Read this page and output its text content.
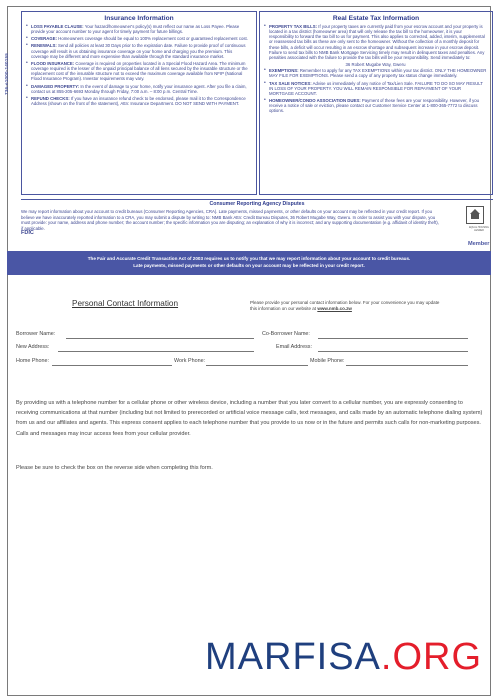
736-e1000-140155
Insurance Information
• LOSS PAYABLE CLAUSE: Your hazard/homeowner's policy(s) must reflect our name as Loss Payee. Please provide your account number to your agent for timely payment for future billings.
• COVERAGE: Homeowners coverage should be equal to 100% replacement cost or guaranteed replacement cost.
• RENEWALS: Send all policies at least 30 Days prior to the expiration date. Failure to provide proof of continuous coverage will result in us obtaining insurance coverage on your home and charging you the premium. This coverage may be different and more expensive than available through the standard insurance market.
• FLOOD INSURANCE: Coverage is required on properties located in a Special Flood Hazard Area. The minimum coverage required is the lesser of the unpaid principal balance of all liens secured by the insurable structure or the replacement cost of the insurable structure not to exceed the maximum coverage available from NFIP (National Flood Insurance Program). Investor requirements may vary.
• DAMAGED PROPERTY: In the event of damage to your home, notify your insurance agent. After you file a claim, contact us at 855-205-6693 Monday through Friday, 7:00 a.m. – 8:00 p.m. Central Time.
• REFUND CHECKS: If you have an insurance refund check to be endorsed, please mail it to the Correspondence Address (shown on the front of the statement), Attn: Insurance Department. DO NOT SEND WITH PAYMENT.
Real Estate Tax Information
• PROPERTY TAX BILLS: If your property taxes are currently paid from your escrow account and your property is located in a tax district (homeowner area) that will only release the tax bill to the homeowner, it is your responsibility to forward the tax bill to us for payment. This also applies to corrected, added, interim, supplemental or reassessed tax bills as these are only sent to the homeowner. Without the collection of a monthly deposit for these bills, a deficit will occur resulting in an escrow shortage and subsequent increase in your escrow deposit. Failure to send tax bills to NMB Bank Mortgage Servicing timely may result in delinquent taxes and penalties. Any penalties associated with the failure to provide the tax bills will be your responsibility. Send immediately to:
36 Robert Mugabe Way, Gweru
• EXEMPTIONS: Remember to apply for any TAX EXEMPTIONS within your tax district. ONLY THE HOMEOWNER MAY FILE FOR EXEMPTIONS. Please send a copy of any property tax status change immediately.
• TAX SALE NOTICES: Advise us immediately of any notice of Tax/Lien Sale. FAILURE TO DO SO MAY RESULT IN LOSS OF YOUR PROPERTY. YOU WILL REMAIN RESPONSIBLE FOR REPAYMENT OF YOUR MORTGAGE ACCOUNT.
• HOMEOWNER/CONDO ASSOCIATION DUES: Payment of these fees are your responsibility. However, if you receive a notice of sale or eviction, please contact our Customer Service Center at 1-800-365-7772 to discuss options.
Consumer Reporting Agency Disputes

We may report information about your account to credit bureaus (Consumer Reporting Agencies, CRA). Late payments, missed payments, or other defaults on your account may be reflected in your credit report. If you believe we have inaccurately reported information to a CRA, you may submit a dispute by writing to: NMB Bank Attn: Credit Bureau Disputes, 36 Robert Mugabe Way, Gweru. In order to assist you with your dispute, you must provide: your name, address and phone number; the account number; the specific information you are disputing; an explanation of why it is incorrect; and any supporting documentation (e.g. affidavit of identity theft), if applicable.

FDIC

EQUAL HOUSING LENDER
Member
The Fair and Accurate Credit Transaction Act of 2003 requires us to notify you that we may report information about your account to credit bureaus.
Late payments, missed payments or other defaults on your account may be reflected in your credit report.
Personal Contact Information	Please provide your personal contact information below. For your convenience you may update this information on our website at www.nmb.co.zw
Borrower Name:	Co-Borrower Name:
New Address:	Email Address:
Home Phone:	Work Phone:	Mobile Phone:

By providing us with a telephone number for a cellular phone or other wireless device, including a number that you later convert to a cellular number, you are expressly consenting to receiving communications at that number (including but not limited to prerecorded or artificial voice message calls, text messages, and calls made by an automatic telephone dialing system) from us and our affiliates and agents. This express consent applies to each telephone number that you provide to us now or in the future and permits such calls for non-marketing purposes. Calls and messages may incur access fees from your cellular provider.

Please be sure to check the box on the reverse side when completing this form.
MARFISA.ORG
